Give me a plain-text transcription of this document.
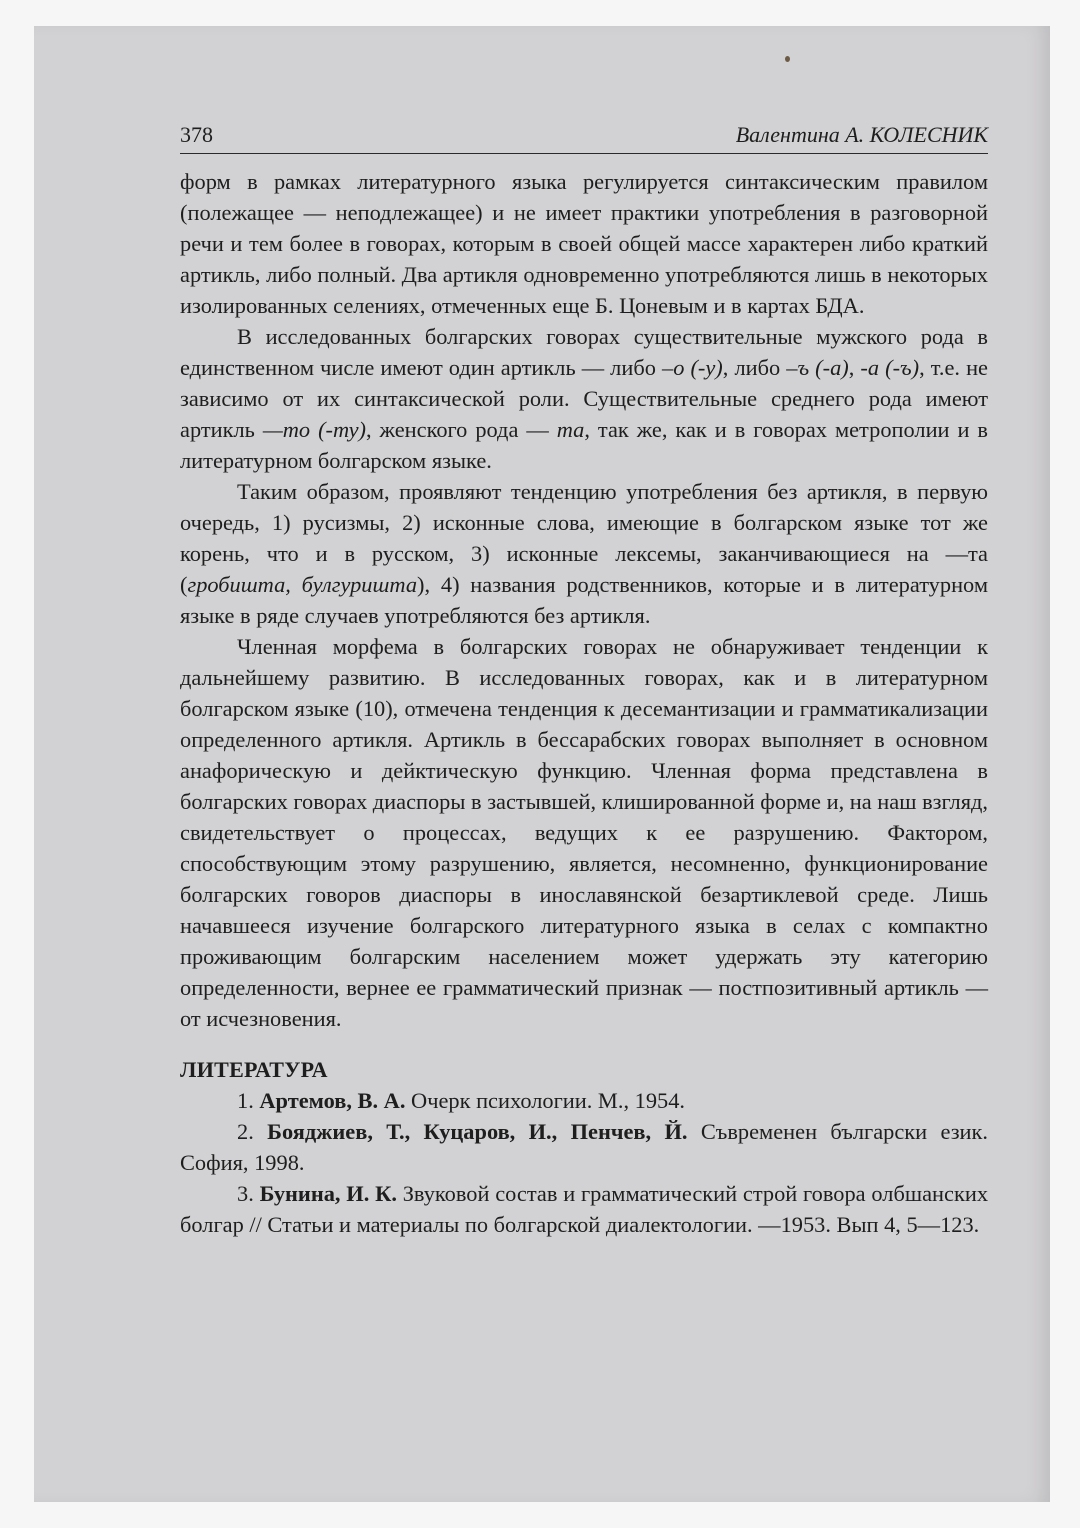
378	Валентина А. КОЛЕСНИК

форм в рамках литературного языка регулируется синтаксическим правилом (полежащее — неподлежащее) и не имеет практики употребления в разговорной речи и тем более в говорах, которым в своей общей массе характерен либо краткий артикль, либо полный. Два артикля одновременно употребляются лишь в некоторых изолированных селениях, отмеченных еще Б. Цоневым и в картах БДА.

В исследованных болгарских говорах существительные мужского рода в единственном числе имеют один артикль — либо –о (-у), либо –ъ (-а), -а (-ъ), т.е. не зависимо от их синтаксической роли. Существительные среднего рода имеют артикль —то (-ту), женского рода — та, так же, как и в говорах метрополии и в литературном болгарском языке.

Таким образом, проявляют тенденцию употребления без артикля, в первую очередь, 1) русизмы, 2) исконные слова, имеющие в болгарском языке тот же корень, что и в русском, 3) исконные лексемы, заканчивающиеся на —та (гробишта, булгуришта), 4) названия родственников, которые и в литературном языке в ряде случаев употребляются без артикля.

Членная морфема в болгарских говорах не обнаруживает тенденции к дальнейшему развитию. В исследованных говорах, как и в литературном болгарском языке (10), отмечена тенденция к десемантизации и грамматикализации определенного артикля. Артикль в бессарабских говорах выполняет в основном анафорическую и дейктическую функцию. Членная форма представлена в болгарских говорах диаспоры в застывшей, клишированной форме и, на наш взгляд, свидетельствует о процессах, ведущих к ее разрушению. Фактором, способствующим этому разрушению, является, несомненно, функционирование болгарских говоров диаспоры в инославянской безартиклевой среде. Лишь начавшееся изучение болгарского литературного языка в селах с компактно проживающим болгарским населением может удержать эту категорию определенности, вернее ее грамматический признак — постпозитивный артикль — от исчезновения.

ЛИТЕРАТУРА

1. Артемов, В. А. Очерк психологии. М., 1954.

2. Бояджиев, Т., Куцаров, И., Пенчев, Й. Съвременен български език. София, 1998.

3. Бунина, И. К. Звуковой состав и грамматический строй говора олбшанских болгар // Статьи и материалы по болгарской диалектологии. —1953. Вып 4, 5—123.
